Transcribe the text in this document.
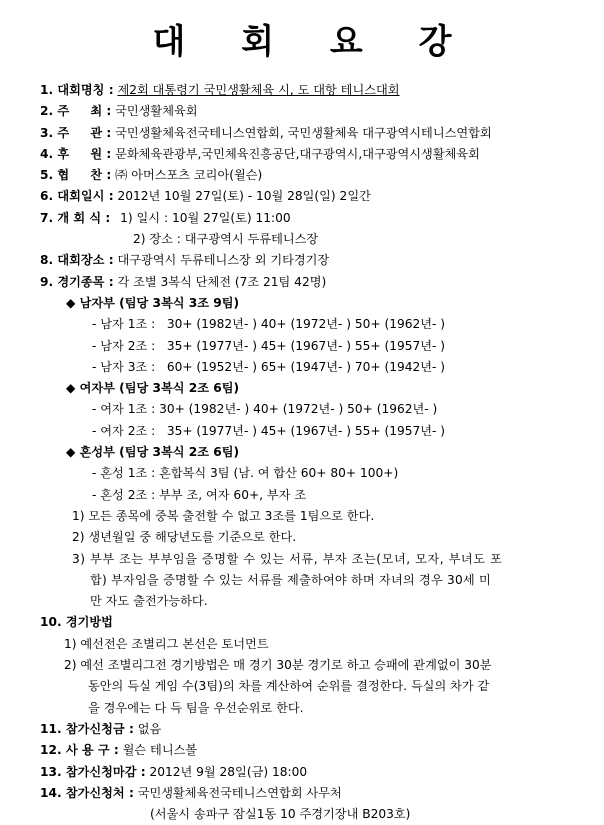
대 회 요 강
1. 대회명칭 : 제2회 대통령기 국민생활체육 시, 도 대항 테니스대회
2. 주     최 : 국민생활체육회
3. 주     관 : 국민생활체육전국테니스연합회, 국민생활체육 대구광역시테니스연합회
4. 후     원 : 문화체육관광부,국민체육진흥공단,대구광역시,대구광역시생활체육회
5. 협     찬 : ㈜ 아머스포츠 코리아(윌슨)
6. 대회일시 : 2012년 10월 27일(토) - 10월 28일(일) 2일간
7. 개 회 식 : 1) 일시 : 10월 27일(토) 11:00
2) 장소 : 대구광역시 두류테니스장
8. 대회장소 : 대구광역시 두류테니스장 외 기타경기장
9. 경기종목 : 각 조별 3복식 단체전 (7조 21팀 42명)
◆ 남자부 (팀당 3복식 3조 9팀)
- 남자 1조 :   30+ (1982년- ) 40+ (1972년- ) 50+ (1962년- )
- 남자 2조 :   35+ (1977년- ) 45+ (1967년- ) 55+ (1957년- )
- 남자 3조 :   60+ (1952년- ) 65+ (1947년- ) 70+ (1942년- )
◆ 여자부 (팀당 3복식 2조 6팀)
- 여자 1조 : 30+ (1982년- ) 40+ (1972년- ) 50+ (1962년- )
- 여자 2조 :   35+ (1977년- ) 45+ (1967년- ) 55+ (1957년- )
◆ 혼성부 (팀당 3복식 2조 6팀)
- 혼성 1조 : 혼합복식 3팀 (남. 여 합산 60+ 80+ 100+)
- 혼성 2조 : 부부 조, 여자 60+, 부자 조
1) 모든 종목에 중복 출전할 수 없고 3조를 1팀으로 한다.
2) 생년월일 중 해당년도를 기준으로 한다.
3) 부부 조는 부부임을 증명할 수 있는 서류, 부자 조는(모녀, 모자, 부녀도 포
합) 부자임을 증명할 수 있는 서류를 제출하여야 하며 자녀의 경우 30세 미
만 자도 출전가능하다.
10. 경기방법
1) 예선전은 조별리그 본선은 토너먼트
2) 예선 조별리그전 경기방법은 매 경기 30분 경기로 하고 승패에 관계없이 30분
동안의 득실 게임 수(3팀)의 차를 계산하여 순위를 결정한다. 득실의 차가 같
을 경우에는 다 득 팀을 우선순위로 한다.
11. 참가신청금 : 없음
12. 사 용 구 : 윌슨 테니스볼
13. 참가신청마감 : 2012년 9월 28일(금) 18:00
14. 참가신청처 : 국민생활체육전국테니스연합회 사무처
(서울시 송파구 잠실1동 10 주경기장내 B203호)
